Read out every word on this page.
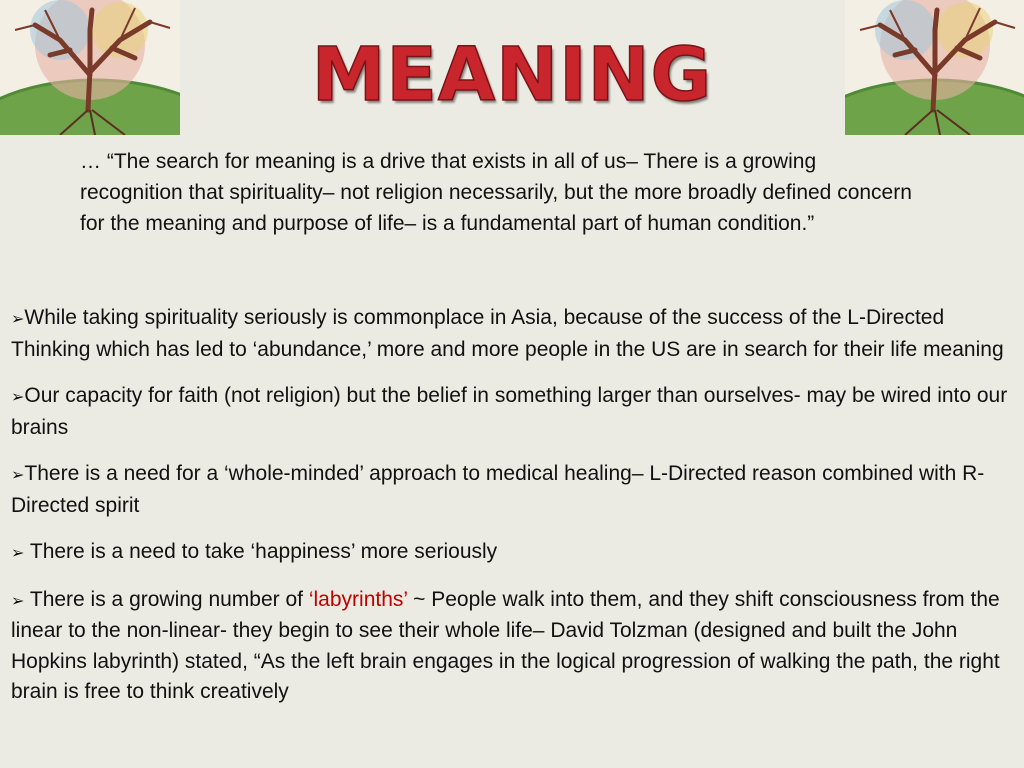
MEANING
… “The search for meaning is a drive that exists in all of us– There is a growing recognition that spirituality– not religion necessarily, but the more broadly defined concern for the meaning and purpose of life– is a fundamental part of human condition.”
➢While taking spirituality seriously is commonplace in Asia, because of the success of the L-Directed Thinking which has led to ‘abundance,’ more and more people in the US are in search for their life meaning
➢Our capacity for faith (not religion) but the belief in something larger than ourselves- may be wired into our brains
➢There is a need for a ‘whole-minded’ approach to medical healing– L-Directed reason combined with R-Directed spirit
➢ There is a need to take ‘happiness’ more seriously
➢ There is a growing number of ‘labyrinths’ ~ People walk into them, and they shift consciousness from the linear to the non-linear- they begin to see their whole life– David Tolzman (designed and built the John Hopkins labyrinth) stated, “As the left brain engages in the logical progression of walking the path, the right brain is free to think creatively
